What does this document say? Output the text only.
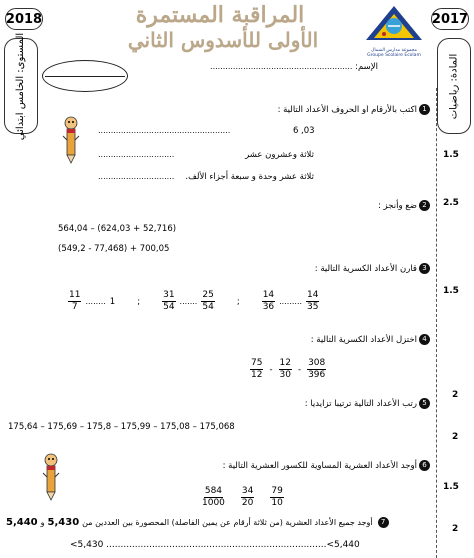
2018	2017
المراقبة المستمرة
الأولى للأسدوس الثاني	مجموعة مدارس الشمال
Groupe Scolaire Ecolam
المستوى: الخامس ابتدائي	المادة: رياضيات
الإسم: ........................................................
1اكتب بالأرقام او الحروف الأعداد التالية :
....................................................	6 ,03
ثلاثة وعشرون عشر
..............................
ثلاثة عشر وحدة و سبعة أجزاء الألف.
..............................
1.5
2ضع وأنجز :
564,04 – (624,03 + 52,716)
(549,2 - 77,468) + 700,05
2.5
3قارن الأعداد الكسرية التالية :
$\frac{11}{7}$ ........ 1	; $\frac{31}{54}$ ....... $\frac{25}{54}$	; $\frac{14}{36}$ ......... $\frac{14}{35}$	1.5
4اختزل الأعداد الكسرية التالية :
$\frac{75}{12} - \frac{12}{30} - \frac{308}{396}$
2
5رتب الأعداد التالية ترتيبا تزايديا :
175,64 – 175,69 – 175,8 – 175,99 – 175,08 – 175,068
2
6أوجد الأعداد العشرية المساوية للكسور العشرية التالية :
$\frac{584}{1000} \frac{34}{20} \frac{79}{10}$	1.5
7
أوجد جميع الأعداد العشرية (من ثلاثة أرقام عن يمين الفاصلة) المحصورة بين العددين من
5,430
و
5,440
<5,430 .............................................................................<5,440
2
